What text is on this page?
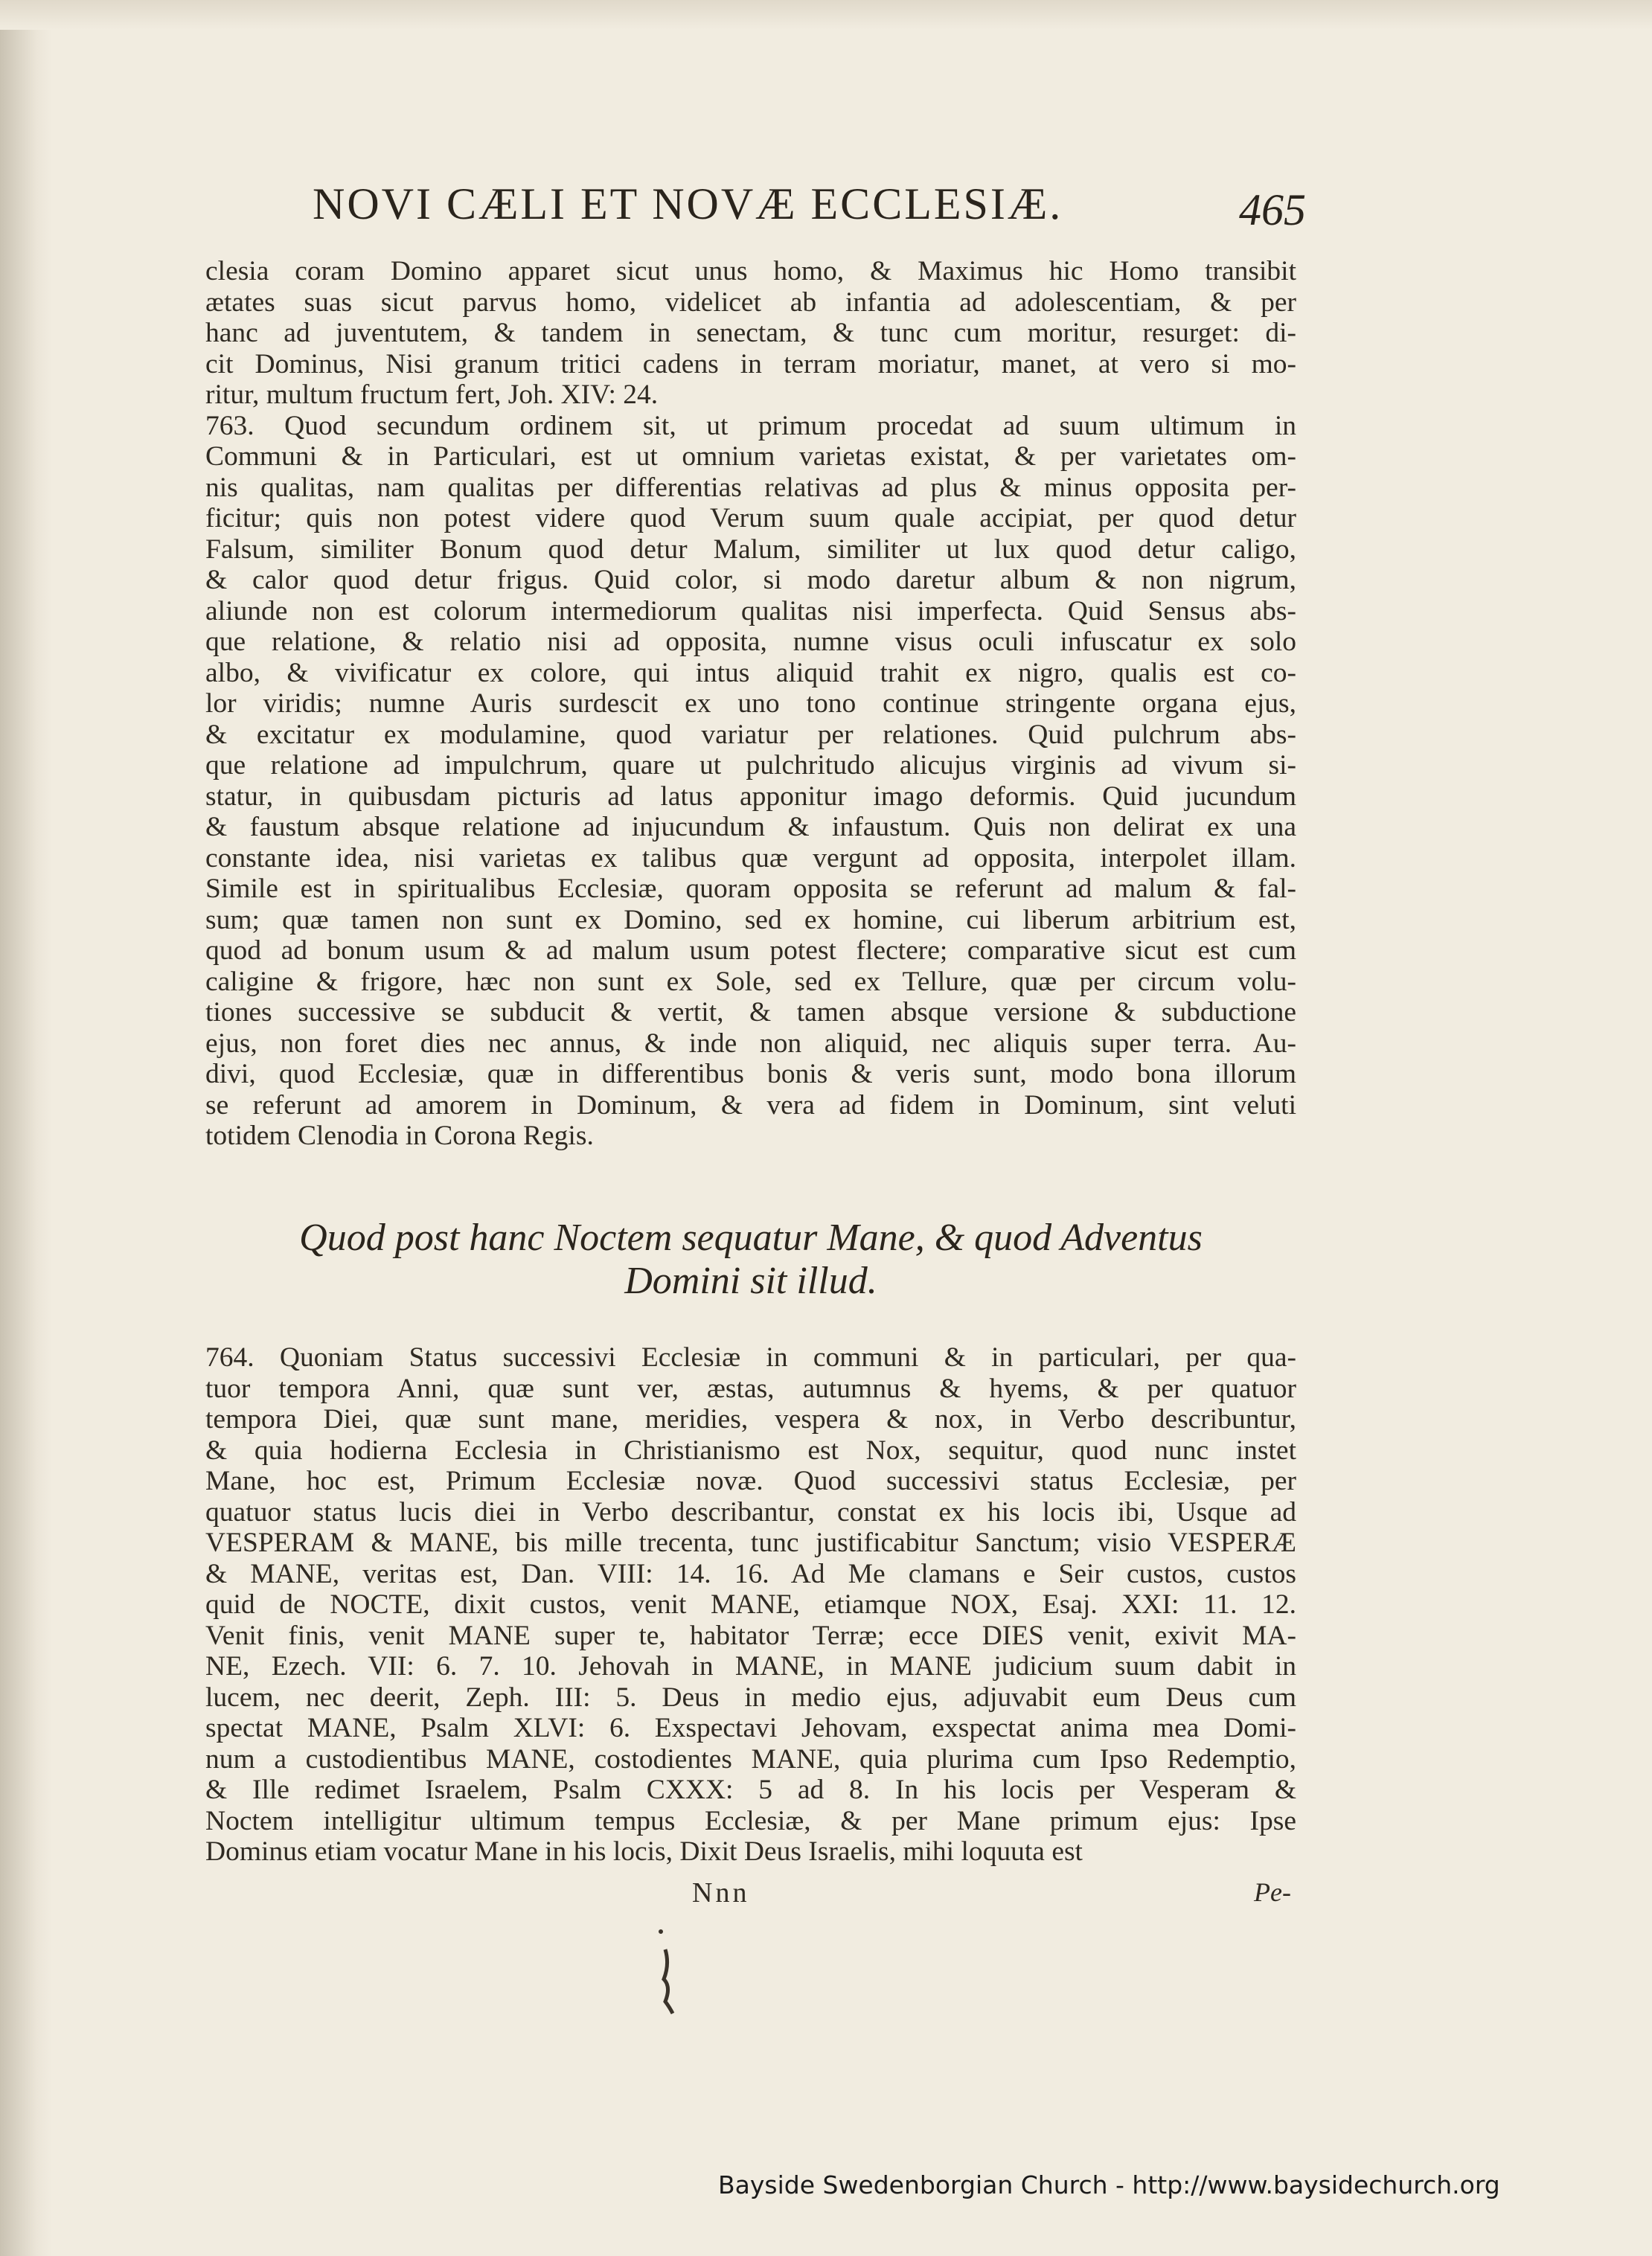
NOVI CÆLI ET NOVÆ ECCLESIÆ.	465
clesia coram Domino apparet sicut unus homo, & Maximus hic Homo transibit
ætates suas sicut parvus homo, videlicet ab infantia ad adolescentiam, & per
hanc ad juventutem, & tandem in senectam, & tunc cum moritur, resurget: di-
cit Dominus, Nisi granum tritici cadens in terram moriatur, manet, at vero si mo-
ritur, multum fructum fert, Joh. XIV: 24.
763. Quod secundum ordinem sit, ut primum procedat ad suum ultimum in
Communi & in Particulari, est ut omnium varietas existat, & per varietates om-
nis qualitas, nam qualitas per differentias relativas ad plus & minus opposita per-
ficitur; quis non potest videre quod Verum suum quale accipiat, per quod detur
Falsum, similiter Bonum quod detur Malum, similiter ut lux quod detur caligo,
& calor quod detur frigus. Quid color, si modo daretur album & non nigrum,
aliunde non est colorum intermediorum qualitas nisi imperfecta. Quid Sensus abs-
que relatione, & relatio nisi ad opposita, numne visus oculi infuscatur ex solo
albo, & vivificatur ex colore, qui intus aliquid trahit ex nigro, qualis est co-
lor viridis; numne Auris surdescit ex uno tono continue stringente organa ejus,
& excitatur ex modulamine, quod variatur per relationes. Quid pulchrum abs-
que relatione ad impulchrum, quare ut pulchritudo alicujus virginis ad vivum si-
statur, in quibusdam picturis ad latus apponitur imago deformis. Quid jucundum
& faustum absque relatione ad injucundum & infaustum. Quis non delirat ex una
constante idea, nisi varietas ex talibus quæ vergunt ad opposita, interpolet illam.
Simile est in spiritualibus Ecclesiæ, quoram opposita se referunt ad malum & fal-
sum; quæ tamen non sunt ex Domino, sed ex homine, cui liberum arbitrium est,
quod ad bonum usum & ad malum usum potest flectere; comparative sicut est cum
caligine & frigore, hæc non sunt ex Sole, sed ex Tellure, quæ per circum volu-
tiones successive se subducit & vertit, & tamen absque versione & subductione
ejus, non foret dies nec annus, & inde non aliquid, nec aliquis super terra. Au-
divi, quod Ecclesiæ, quæ in differentibus bonis & veris sunt, modo bona illorum
se referunt ad amorem in Dominum, & vera ad fidem in Dominum, sint veluti
totidem Clenodia in Corona Regis.
Quod post hanc Noctem sequatur Mane, & quod Adventus
Domini sit illud.
764. Quoniam Status successivi Ecclesiæ in communi & in particulari, per qua-
tuor tempora Anni, quæ sunt ver, æstas, autumnus & hyems, & per quatuor
tempora Diei, quæ sunt mane, meridies, vespera & nox, in Verbo describuntur,
& quia hodierna Ecclesia in Christianismo est Nox, sequitur, quod nunc instet
Mane, hoc est, Primum Ecclesiæ novæ. Quod successivi status Ecclesiæ, per
quatuor status lucis diei in Verbo describantur, constat ex his locis ibi, Usque ad
VESPERAM & MANE, bis mille trecenta, tunc justificabitur Sanctum; visio VESPERÆ
& MANE, veritas est, Dan. VIII: 14. 16. Ad Me clamans e Seir custos, custos
quid de NOCTE, dixit custos, venit MANE, etiamque NOX, Esaj. XXI: 11. 12.
Venit finis, venit MANE super te, habitator Terræ; ecce DIES venit, exivit MA-
NE, Ezech. VII: 6. 7. 10. Jehovah in MANE, in MANE judicium suum dabit in
lucem, nec deerit, Zeph. III: 5. Deus in medio ejus, adjuvabit eum Deus cum
spectat MANE, Psalm XLVI: 6. Exspectavi Jehovam, exspectat anima mea Domi-
num a custodientibus MANE, costodientes MANE, quia plurima cum Ipso Redemptio,
& Ille redimet Israelem, Psalm CXXX: 5 ad 8. In his locis per Vesperam &
Noctem intelligitur ultimum tempus Ecclesiæ, & per Mane primum ejus: Ipse
Dominus etiam vocatur Mane in his locis, Dixit Deus Israelis, mihi loquuta est
Nnn	Pe-
Bayside Swedenborgian Church - http://www.baysidechurch.org
